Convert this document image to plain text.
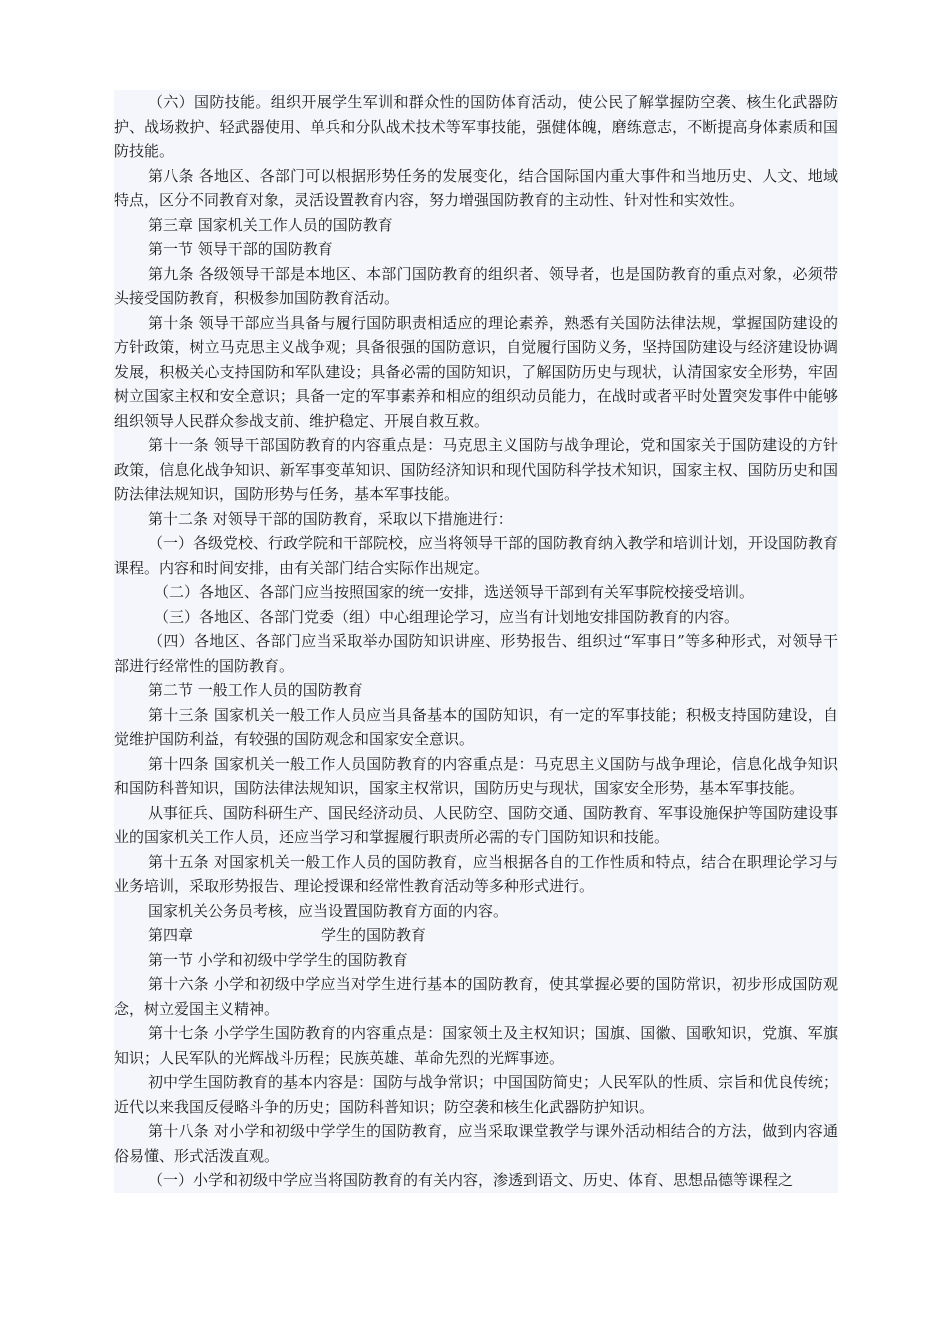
（六）国防技能。组织开展学生军训和群众性的国防体育活动，使公民了解掌握防空袭、核生化武器防护、战场救护、轻武器使用、单兵和分队战术技术等军事技能，强健体魄，磨练意志，不断提高身体素质和国防技能。

第八条 各地区、各部门可以根据形势任务的发展变化，结合国际国内重大事件和当地历史、人文、地域特点，区分不同教育对象，灵活设置教育内容，努力增强国防教育的主动性、针对性和实效性。

第三章 国家机关工作人员的国防教育

第一节 领导干部的国防教育

第九条 各级领导干部是本地区、本部门国防教育的组织者、领导者，也是国防教育的重点对象，必须带头接受国防教育，积极参加国防教育活动。

第十条 领导干部应当具备与履行国防职责相适应的理论素养，熟悉有关国防法律法规，掌握国防建设的方针政策，树立马克思主义战争观；具备很强的国防意识，自觉履行国防义务，坚持国防建设与经济建设协调发展，积极关心支持国防和军队建设；具备必需的国防知识，了解国防历史与现状，认清国家安全形势，牢固树立国家主权和安全意识；具备一定的军事素养和相应的组织动员能力，在战时或者平时处置突发事件中能够组织领导人民群众参战支前、维护稳定、开展自救互救。

第十一条 领导干部国防教育的内容重点是：马克思主义国防与战争理论，党和国家关于国防建设的方针政策，信息化战争知识、新军事变革知识、国防经济知识和现代国防科学技术知识，国家主权、国防历史和国防法律法规知识，国防形势与任务，基本军事技能。

第十二条 对领导干部的国防教育，采取以下措施进行：

（一）各级党校、行政学院和干部院校，应当将领导干部的国防教育纳入教学和培训计划，开设国防教育课程。内容和时间安排，由有关部门结合实际作出规定。

（二）各地区、各部门应当按照国家的统一安排，选送领导干部到有关军事院校接受培训。

（三）各地区、各部门党委（组）中心组理论学习，应当有计划地安排国防教育的内容。

（四）各地区、各部门应当采取举办国防知识讲座、形势报告、组织过“军事日”等多种形式，对领导干部进行经常性的国防教育。

第二节 一般工作人员的国防教育

第十三条 国家机关一般工作人员应当具备基本的国防知识，有一定的军事技能；积极支持国防建设，自觉维护国防利益，有较强的国防观念和国家安全意识。

第十四条 国家机关一般工作人员国防教育的内容重点是：马克思主义国防与战争理论，信息化战争知识和国防科普知识，国防法律法规知识，国家主权常识，国防历史与现状，国家安全形势，基本军事技能。

从事征兵、国防科研生产、国民经济动员、人民防空、国防交通、国防教育、军事设施保护等国防建设事业的国家机关工作人员，还应当学习和掌握履行职责所必需的专门国防知识和技能。

第十五条 对国家机关一般工作人员的国防教育，应当根据各自的工作性质和特点，结合在职理论学习与业务培训，采取形势报告、理论授课和经常性教育活动等多种形式进行。

国家机关公务员考核，应当设置国防教育方面的内容。

第四章	学生的国防教育

第一节 小学和初级中学学生的国防教育

第十六条 小学和初级中学应当对学生进行基本的国防教育，使其掌握必要的国防常识，初步形成国防观念，树立爱国主义精神。

第十七条 小学学生国防教育的内容重点是：国家领土及主权知识；国旗、国徽、国歌知识，党旗、军旗知识；人民军队的光辉战斗历程；民族英雄、革命先烈的光辉事迹。

初中学生国防教育的基本内容是：国防与战争常识；中国国防简史；人民军队的性质、宗旨和优良传统；近代以来我国反侵略斗争的历史；国防科普知识；防空袭和核生化武器防护知识。

第十八条 对小学和初级中学学生的国防教育，应当采取课堂教学与课外活动相结合的方法，做到内容通俗易懂、形式活泼直观。

（一）小学和初级中学应当将国防教育的有关内容，渗透到语文、历史、体育、思想品德等课程之
